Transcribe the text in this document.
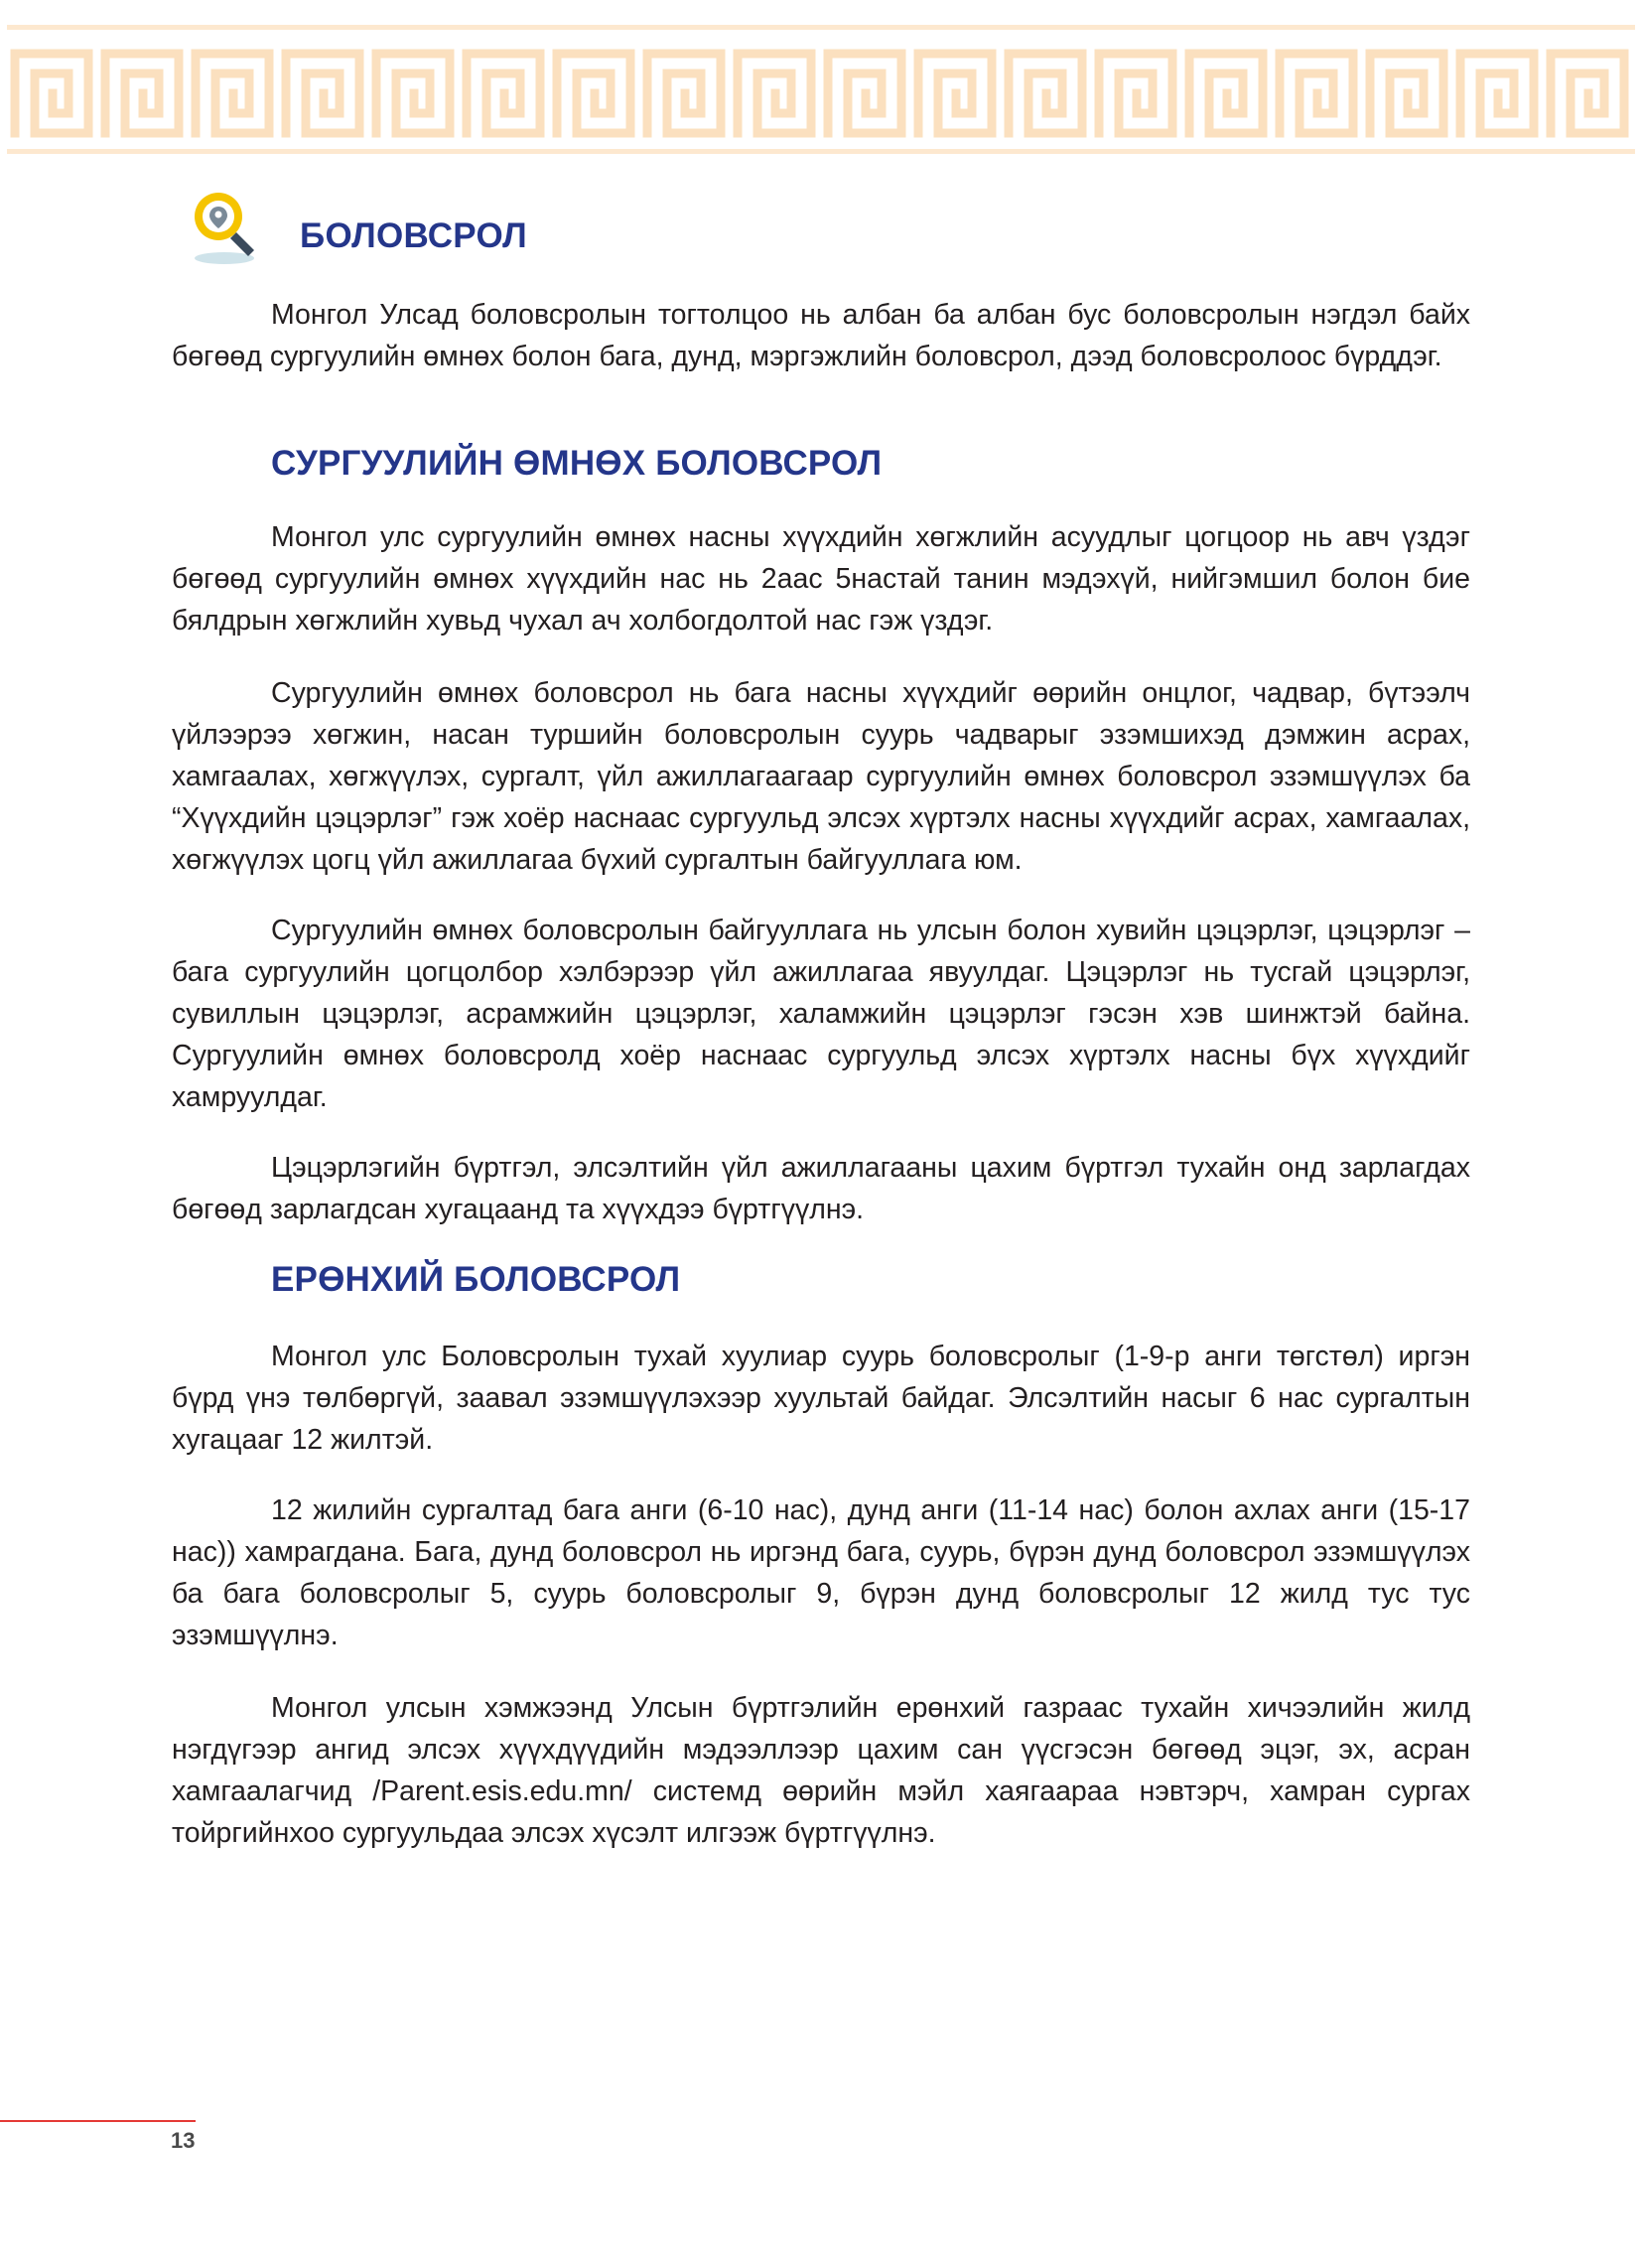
БОЛОВСРОЛ

Монгол Улсад боловсролын тогтолцоо нь албан ба албан бус боловсролын нэгдэл байх бөгөөд сургуулийн өмнөх болон бага, дунд, мэргэжлийн боловсрол, дээд боловсролоос бүрддэг.

СУРГУУЛИЙН ӨМНӨХ БОЛОВСРОЛ

Монгол улс сургуулийн өмнөх насны хүүхдийн хөгжлийн асуудлыг цогцоор нь авч үздэг бөгөөд сургуулийн өмнөх хүүхдийн нас нь 2аас 5настай танин мэдэхүй, нийгэмшил болон бие бялдрын хөгжлийн хувьд чухал ач холбогдолтой нас гэж үздэг.

Сургуулийн өмнөх боловсрол нь бага насны хүүхдийг өөрийн онцлог, чадвар, бүтээлч үйлээрээ хөгжин, насан туршийн боловсролын суурь чадварыг эзэмшихэд дэмжин асрах, хамгаалах, хөгжүүлэх, сургалт, үйл ажиллагаагаар сургуулийн өмнөх боловсрол эзэмшүүлэх ба “Хүүхдийн цэцэрлэг” гэж хоёр наснаас сургуульд элсэх хүртэлх насны хүүхдийг асрах, хамгаалах, хөгжүүлэх цогц үйл ажиллагаа бүхий сургалтын байгууллага юм.

Сургуулийн өмнөх боловсролын байгууллага нь улсын болон хувийн цэцэрлэг, цэцэрлэг – бага сургуулийн цогцолбор хэлбэрээр үйл ажиллагаа явуулдаг. Цэцэрлэг нь тусгай цэцэрлэг, сувиллын цэцэрлэг, асрамжийн цэцэрлэг, халамжийн цэцэрлэг гэсэн хэв шинжтэй байна. Сургуулийн өмнөх боловсролд хоёр наснаас сургуульд элсэх хүртэлх насны бүх хүүхдийг хамруулдаг.

Цэцэрлэгийн бүртгэл, элсэлтийн үйл ажиллагааны цахим бүртгэл тухайн онд зарлагдах бөгөөд зарлагдсан хугацаанд та хүүхдээ бүртгүүлнэ.

ЕРӨНХИЙ БОЛОВСРОЛ

Монгол улс Боловсролын тухай хуулиар суурь боловсролыг (1-9-р анги төгстөл) иргэн бүрд үнэ төлбөргүй, заавал эзэмшүүлэхээр хуультай байдаг. Элсэлтийн насыг 6 нас сургалтын хугацааг 12 жилтэй.

12 жилийн сургалтад бага анги (6-10 нас), дунд анги (11-14 нас) болон ахлах анги (15-17 нас)) хамрагдана. Бага, дунд боловсрол нь иргэнд бага, суурь, бүрэн дунд боловсрол эзэмшүүлэх ба бага боловсролыг 5, суурь боловсролыг 9, бүрэн дунд боловсролыг 12 жилд тус тус эзэмшүүлнэ.

Монгол улсын хэмжээнд Улсын бүртгэлийн ерөнхий газраас тухайн хичээлийн жилд нэгдүгээр ангид элсэх хүүхдүүдийн мэдээллээр цахим сан үүсгэсэн бөгөөд эцэг, эх, асран хамгаалагчид /Parent.esis.edu.mn/ системд өөрийн мэйл хаягаараа нэвтэрч, хамран сургах тойргийнхоо сургуульдаа элсэх хүсэлт илгээж бүртгүүлнэ.

13
